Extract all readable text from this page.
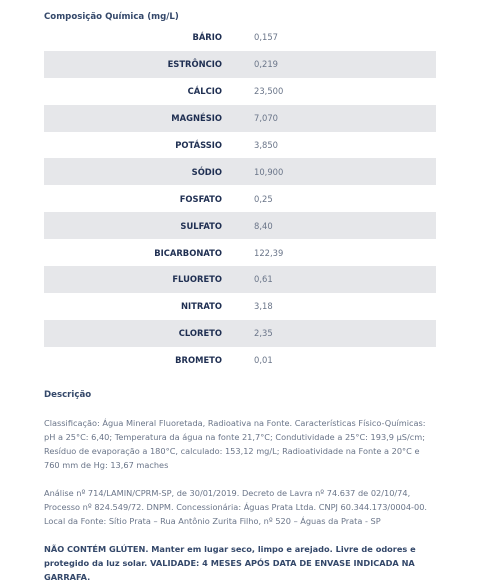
Composição Química (mg/L)
BÁRIO	0,157
ESTRÔNCIO	0,219
CÁLCIO	23,500
MAGNÉSIO	7,070
POTÁSSIO	3,850
SÓDIO	10,900
FOSFATO	0,25
SULFATO	8,40
BICARBONATO	122,39
FLUORETO	0,61
NITRATO	3,18
CLORETO	2,35
BROMETO	0,01
Descrição
Classificação: Água Mineral Fluoretada, Radioativa na Fonte. Características Físico-Químicas: pH a 25°C: 6,40; Temperatura da água na fonte 21,7°C; Condutividade a 25°C: 193,9 µS/cm; Resíduo de evaporação a 180°C, calculado: 153,12 mg/L; Radioatividade na Fonte a 20°C e 760 mm de Hg: 13,67 maches
Análise nº 714/LAMIN/CPRM-SP, de 30/01/2019. Decreto de Lavra nº 74.637 de 02/10/74, Processo nº 824.549/72. DNPM. Concessionária: Águas Prata Ltda. CNPJ 60.344.173/0004-00. Local da Fonte: Sítio Prata – Rua Antônio Zurita Filho, nº 520 – Águas da Prata - SP
NÃO CONTÉM GLÚTEN. Manter em lugar seco, limpo e arejado. Livre de odores e protegido da luz solar. VALIDADE: 4 MESES APÓS DATA DE ENVASE INDICADA NA GARRAFA.
